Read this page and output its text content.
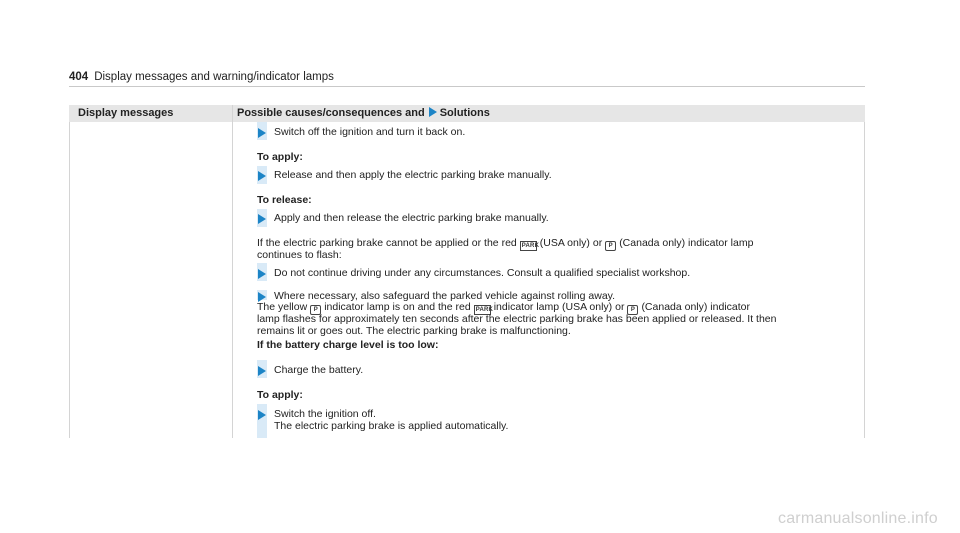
404 Display messages and warning/indicator lamps
Display messages	Possible causes/consequences and Solutions
Switch off the ignition and turn it back on.
To apply:
Release and then apply the electric parking brake manually.
To release:
Apply and then release the electric parking brake manually.
If the electric parking brake cannot be applied or the red PARK(USA only) or P (Canada only) indicator lamp
continues to flash:
Do not continue driving under any circumstances. Consult a qualified specialist workshop.
Where necessary, also safeguard the parked vehicle against rolling away.
The yellow P indicator lamp is on and the red PARKindicator lamp (USA only) or P (Canada only) indicator
lamp flashes for approximately ten seconds after the electric parking brake has been applied or released. It then
remains lit or goes out. The electric parking brake is malfunctioning.
If the battery charge level is too low:
Charge the battery.
To apply:
Switch the ignition off.
The electric parking brake is applied automatically.
carmanualsonline.info
